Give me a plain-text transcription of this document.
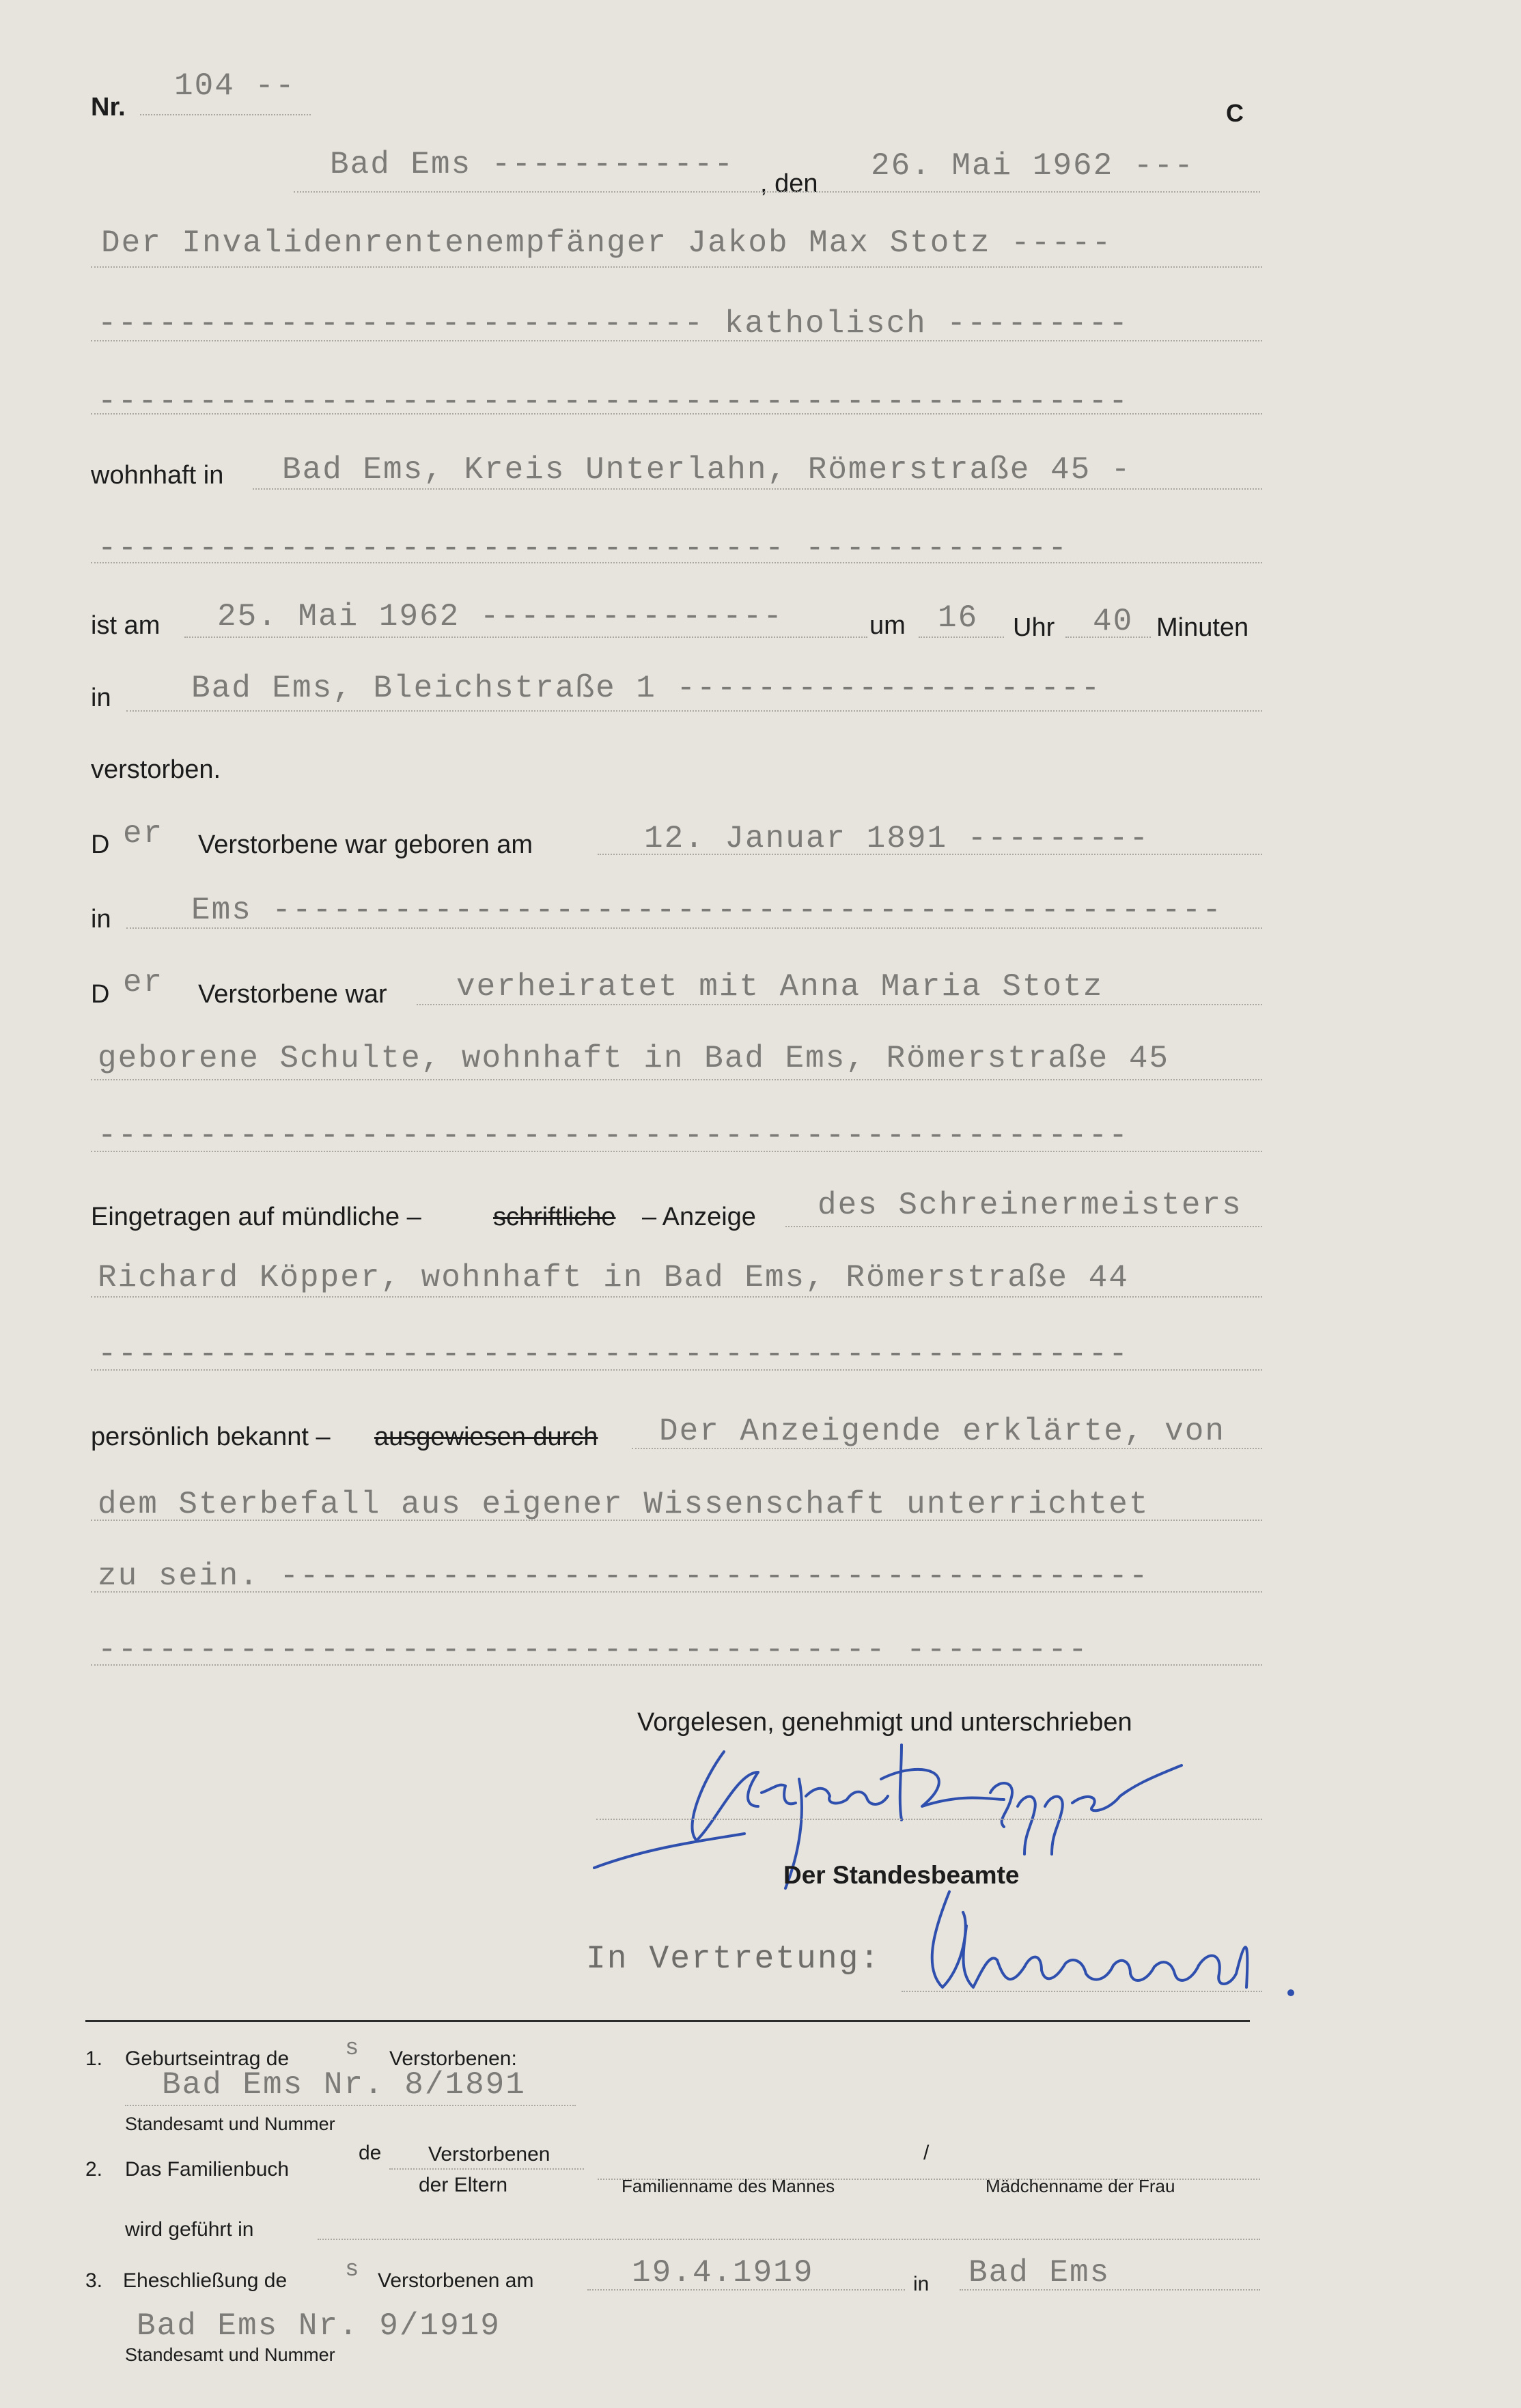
Nr.
104 --
C
Bad Ems ------------
, den 26. Mai 1962 ---
Der Invalidenrentenempfänger Jakob Max Stotz -----
------------------------------ katholisch ---------
---------------------------------------------------
wohnhaft in Bad Ems, Kreis Unterlahn, Römerstraße 45 -
---------------------------------- -------------
ist am 25. Mai 1962 ---------------	um 16 Uhr 40 Minuten
in	Bad Ems, Bleichstraße 1 ---------------------
verstorben.
D er Verstorbene war geboren am	12. Januar 1891 ---------
in	Ems -----------------------------------------------
D er Verstorbene war verheiratet mit Anna Maria Stotz
geborene Schulte, wohnhaft in Bad Ems, Römerstraße 45
---------------------------------------------------
Eingetragen auf mündliche –	schriftliche – Anzeige des Schreinermeisters
Richard Köpper, wohnhaft in Bad Ems, Römerstraße 44
---------------------------------------------------
persönlich bekannt – ausgewiesen durch Der Anzeigende erklärte, von
dem Sterbefall aus eigener Wissenschaft unterrichtet
zu sein. -------------------------------------------
--------------------------------------- ---------
Vorgelesen, genehmigt und unterschrieben
Der Standesbeamte
In Vertretung:
1. Geburtseintrag de s Verstorbenen:
Bad Ems Nr. 8/1891
Standesamt und Nummer
2. Das Familienbuch
de Verstorbenen
der Eltern
/
Familienname des Mannes	Mädchenname der Frau
wird geführt in
3. Eheschließung de s Verstorbenen am	19.4.1919	in Bad Ems
Bad Ems Nr. 9/1919
Standesamt und Nummer
